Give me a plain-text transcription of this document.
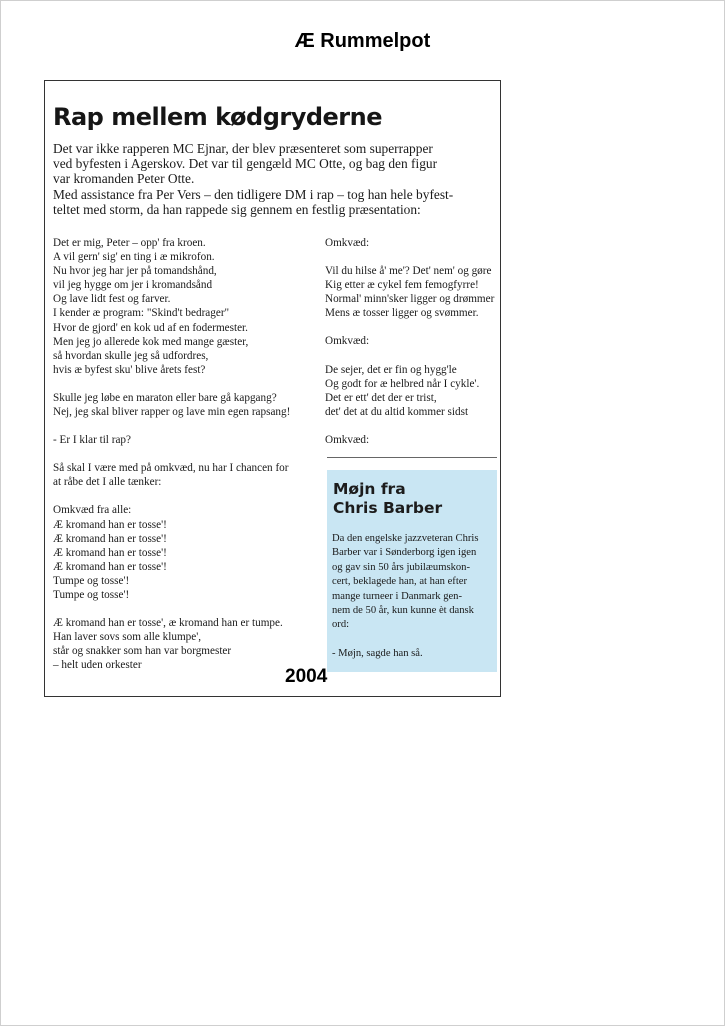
Æ Rummelpot
Rap mellem kødgryderne
Det var ikke rapperen MC Ejnar, der blev præsenteret som superrapper
ved byfesten i Agerskov. Det var til gengæld MC Otte, og bag den figur
var kromanden Peter Otte.
Med assistance fra Per Vers – den tidligere DM i rap – tog han hele byfest-
teltet med storm, da han rappede sig gennem en festlig præsentation:
Det er mig, Peter – opp' fra kroen.
A vil gern' sig' en ting i æ mikrofon.
Nu hvor jeg har jer på tomandshånd,
vil jeg hygge om jer i kromandsånd
Og lave lidt fest og farver.
I kender æ program: "Skind't bedrager"
Hvor de gjord' en kok ud af en fodermester.
Men jeg jo allerede kok med mange gæster,
så hvordan skulle jeg så udfordres,
hvis æ byfest sku' blive årets fest?
Skulle jeg løbe en maraton eller bare gå kapgang?
Nej, jeg skal bliver rapper og lave min egen rapsang!
- Er I klar til rap?
Så skal I være med på omkvæd, nu har I chancen for
at råbe det I alle tænker:
Omkvæd fra alle:
Æ kromand han er tosse'!
Æ kromand han er tosse'!
Æ kromand han er tosse'!
Æ kromand han er tosse'!
Tumpe og tosse'!
Tumpe og tosse'!
Æ kromand han er tosse', æ kromand han er tumpe.
Han laver sovs som alle klumpe',
står og snakker som han var borgmester
– helt uden orkester
Omkvæd:
Vil du hilse å' me'? Det' nem' og gøre
Kig etter æ cykel fem femogfyrre!
Normal' minn'sker ligger og drømmer
Mens æ tosser ligger og svømmer.
Omkvæd:
De sejer, det er fin og hygg'le
Og godt for æ helbred når I cykle'.
Det er ett' det der er trist,
det' det at du altid kommer sidst
Omkvæd:
Møjn fra
Chris Barber
Da den engelske jazzveteran Chris
Barber var i Sønderborg igen igen
og gav sin 50 års jubilæumskon-
cert, beklagede han, at han efter
mange turneer i Danmark gen-
nem de 50 år, kun kunne èt dansk
ord:
- Møjn, sagde han så.
2004
